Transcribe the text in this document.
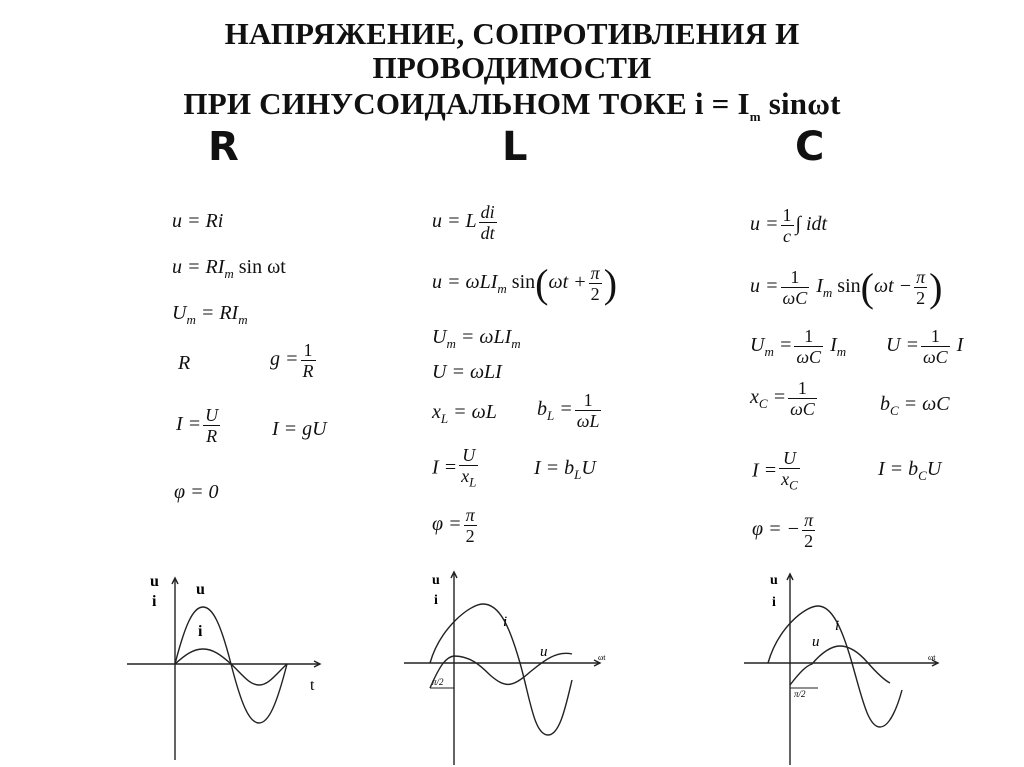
НАПРЯЖЕНИЕ, СОПРОТИВЛЕНИЯ И
ПРОВОДИМОСТИ
ПРИ СИНУСОИДАЛЬНОМ ТОКЕ $i = I_m$ sinωt
R	L	C
u = Ri
$u = RI_m$ sin ωt
$U_m = RI_m$
R	$g = \frac{1}{R}$
$I = \frac{U}{R}$	I = gU
φ = 0
u = L $\frac{di}{dt}$
u = ωLI$_m$ $\sin(\omega t + \frac{\pi}{2}$ )
$U_m = \omega LI_m$
U = ωLI
$x_L = \omega L$ $b_L = \frac{1}{\omega L}$
$I = \frac{U}{x_L}$	$I = b_LU$
$\varphi = \frac{\pi}{2}$
$u = \frac{1}{c}$ ∫ idt
$u = \frac{1}{\omega C} I_m$ $\sin(\omega t - \frac{\pi}{2}$ )
$U_m = \frac{1}{\omega C} I_m$ $U = \frac{1}{\omega C}$ I
$x_C = \frac{1}{\omega C}$	$b_C = \omega C$
$I = \frac{U}{x_C}$	$I = b_CU$
φ = − $\frac{\pi}{2}$
u
i
u
i
t
u
i
i
u	ωt
π/2
u
i
i
u
ωt
π/2
